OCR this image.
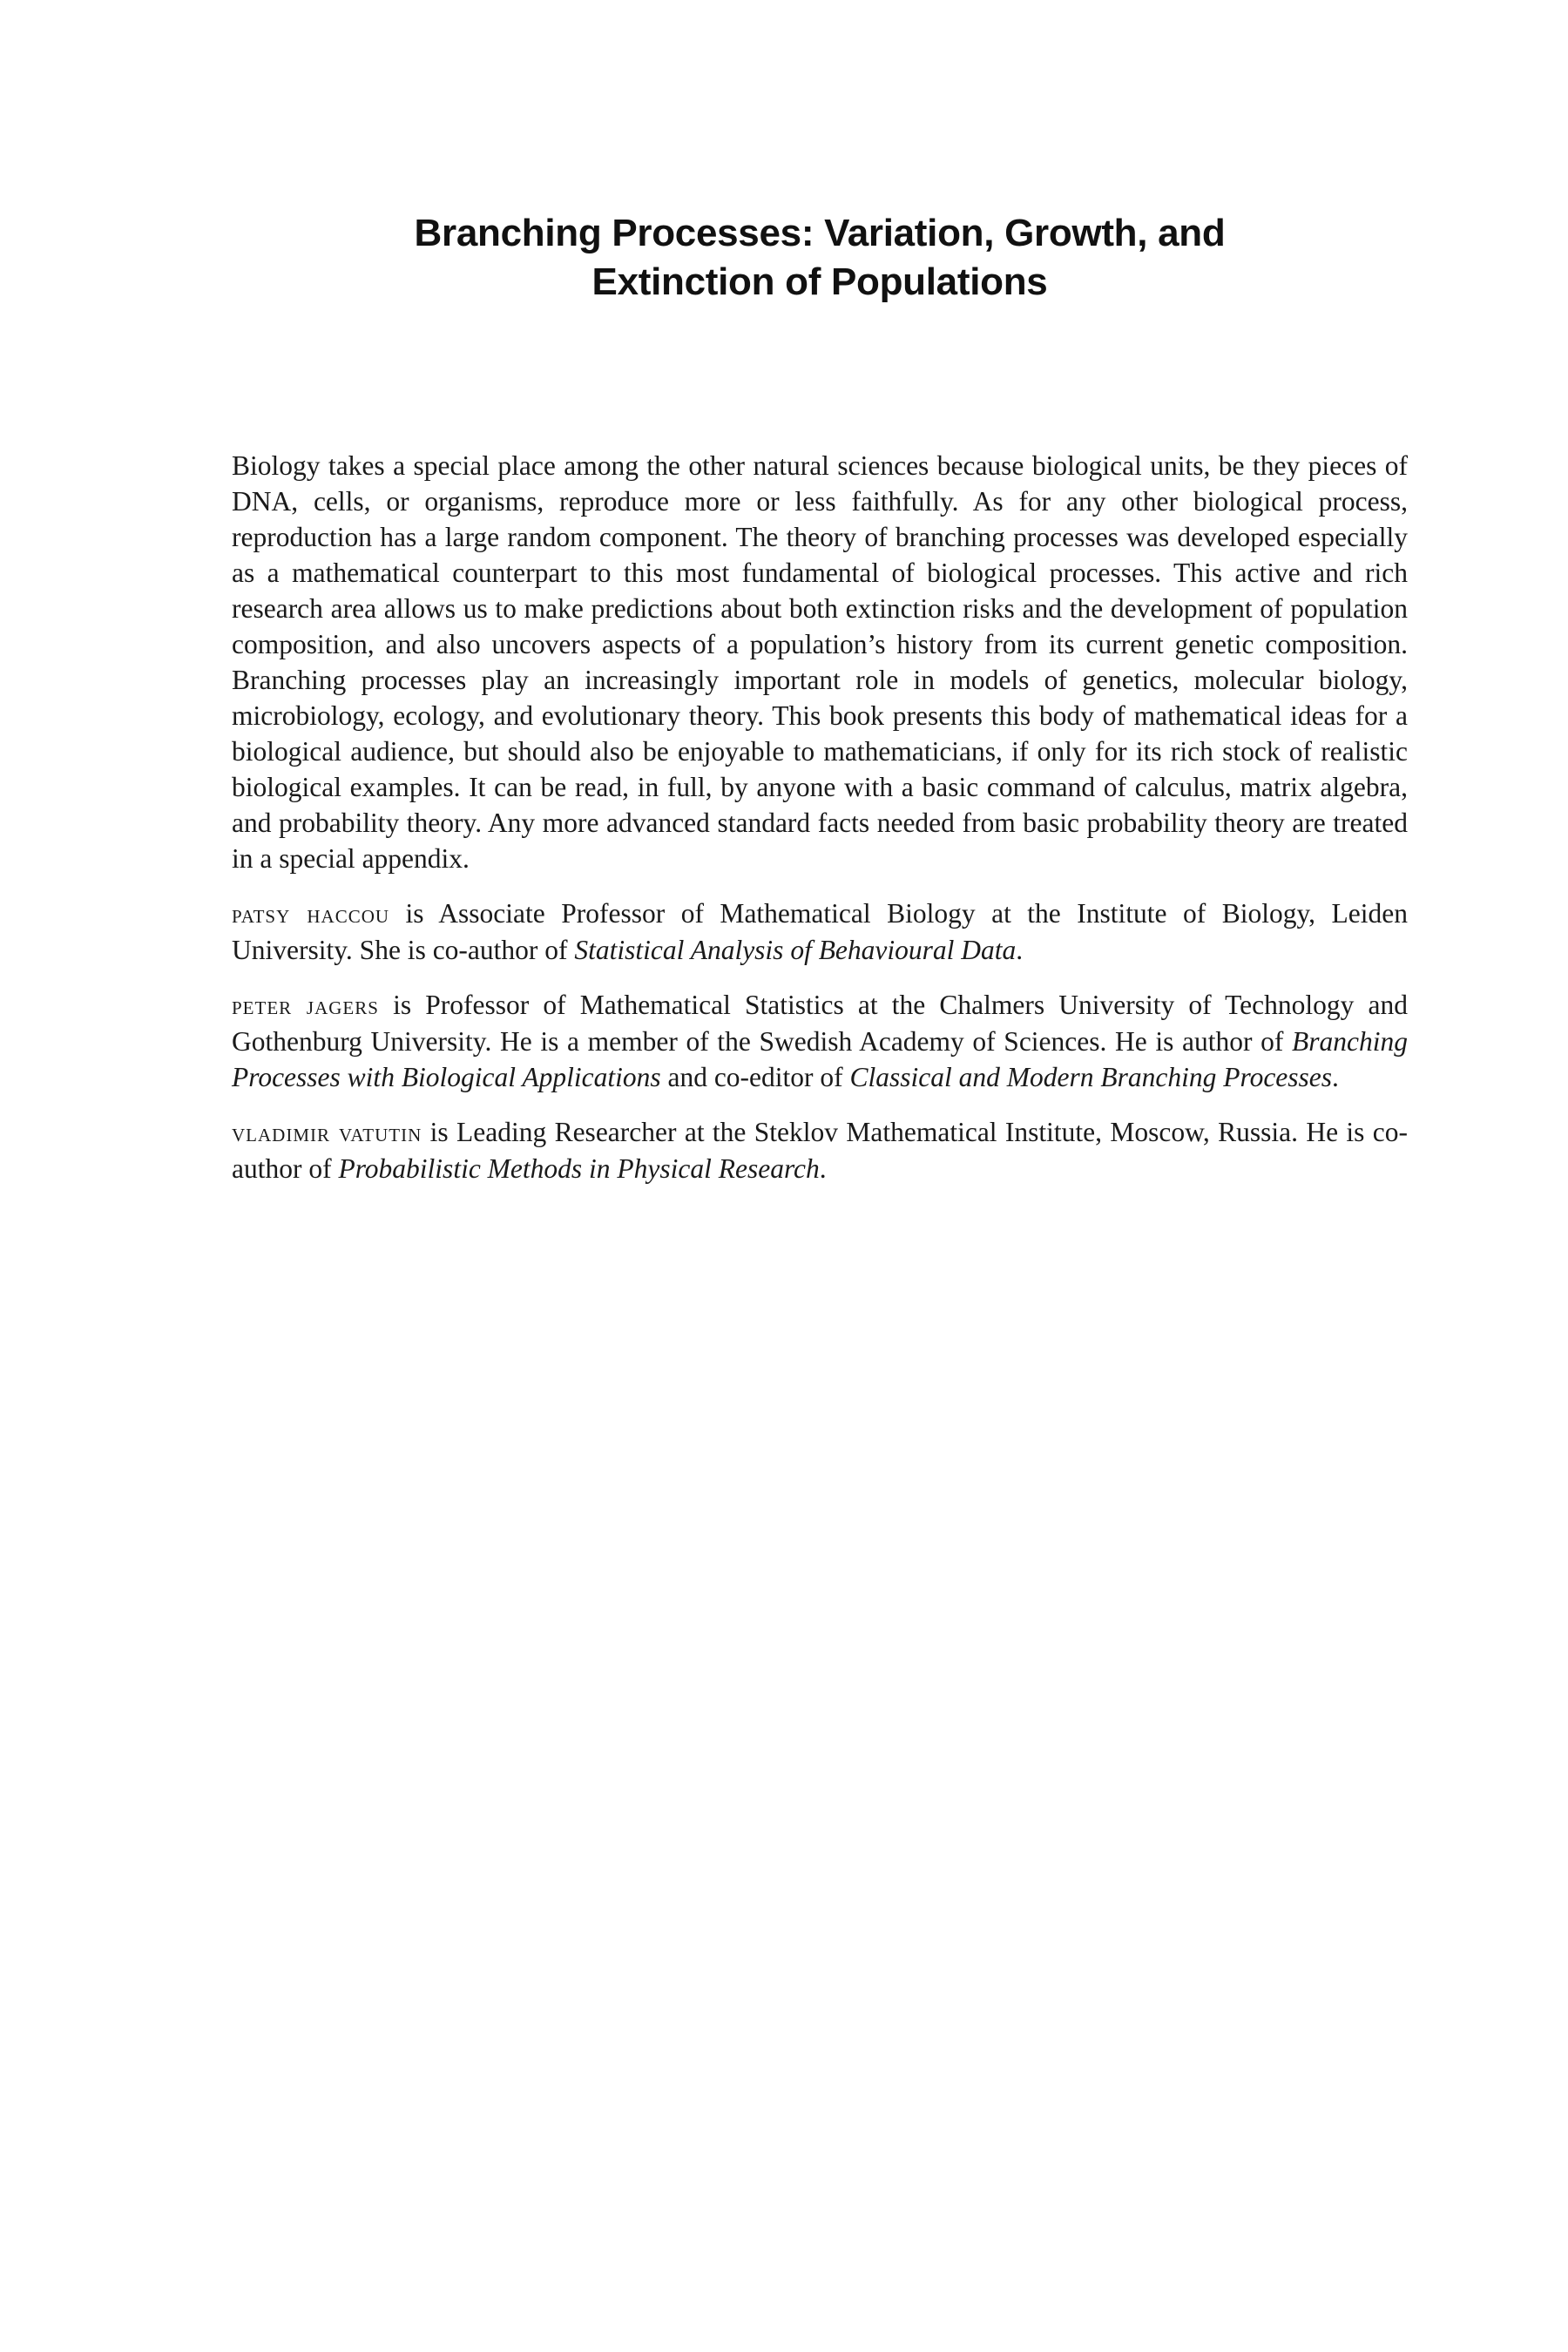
Branching Processes: Variation, Growth, and
Extinction of Populations

Biology takes a special place among the other natural sciences because biological units, be they pieces of DNA, cells, or organisms, reproduce more or less faithfully. As for any other biological process, reproduction has a large random component. The theory of branching processes was developed especially as a mathematical counterpart to this most fundamental of biological processes. This active and rich research area allows us to make predictions about both extinction risks and the development of population composition, and also uncovers aspects of a population’s history from its current genetic composition. Branching processes play an increasingly important role in models of genetics, molecular biology, microbiology, ecology, and evolutionary theory. This book presents this body of mathematical ideas for a biological audience, but should also be enjoyable to mathematicians, if only for its rich stock of realistic biological examples. It can be read, in full, by anyone with a basic command of calculus, matrix algebra, and probability theory. Any more advanced standard facts needed from basic probability theory are treated in a special appendix.

patsy haccou is Associate Professor of Mathematical Biology at the Institute of Biology, Leiden University. She is co-author of Statistical Analysis of Behavioural Data.

peter jagers is Professor of Mathematical Statistics at the Chalmers University of Technology and Gothenburg University. He is a member of the Swedish Academy of Sciences. He is author of Branching Processes with Biological Applications and co-editor of Classical and Modern Branching Processes.

vladimir vatutin is Leading Researcher at the Steklov Mathematical Institute, Moscow, Russia. He is co-author of Probabilistic Methods in Physical Research.
